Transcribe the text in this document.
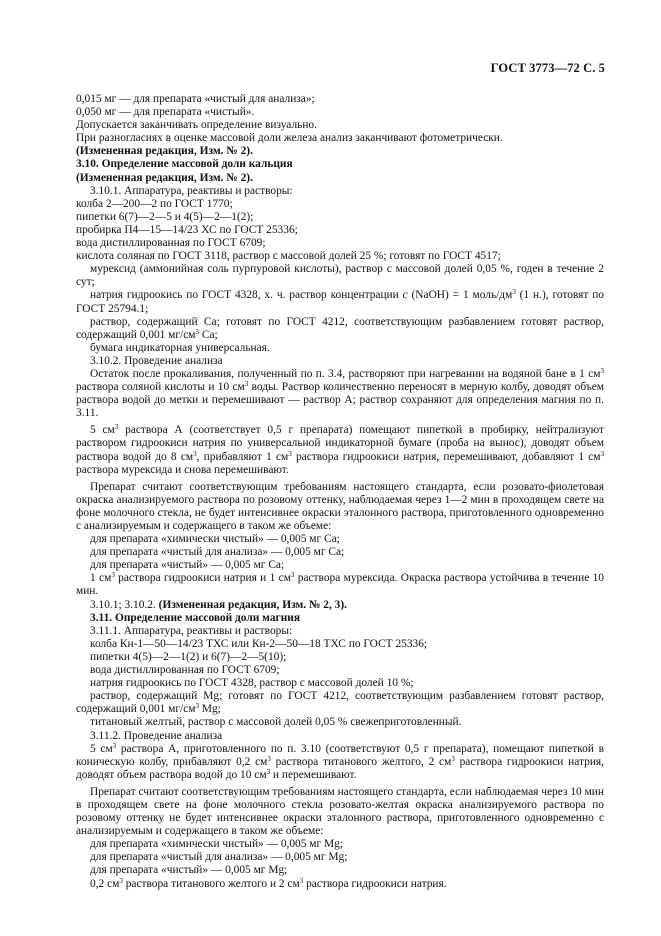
ГОСТ 3773—72 С. 5

0,015 мг — для препарата «чистый для анализа»;

0,050 мг — для препарата «чистый».

Допускается заканчивать определение визуально.

При разногласиях в оценке массовой доли железа анализ заканчивают фотометрически.

(Измененная редакция, Изм. № 2).

3.10. Определение массовой доли кальция

(Измененная редакция, Изм. № 2).

3.10.1. Аппаратура, реактивы и растворы:

колба 2—200—2 по ГОСТ 1770;

пипетки 6(7)—2—5 и 4(5)—2—1(2);

пробирка П4—15—14/23 ХС по ГОСТ 25336;

вода дистиллированная по ГОСТ 6709;

кислота соляная по ГОСТ 3118, раствор с массовой долей 25 %; готовят по ГОСТ 4517;

мурексид (аммонийная соль пурпуровой кислоты), раствор с массовой долей 0,05 %, годен в течение 2 сут;

натрия гидроокись по ГОСТ 4328, х. ч. раствор концентрации c (NaOH) = 1 моль/$дм^3$ (1 н.), готовят по ГОСТ 25794.1;

раствор, содержащий Са; готовят по ГОСТ 4212, соответствующим разбавлением готовят раствор, содержащий 0,001 $мг/см^3$ Са;

бумага индикаторная универсальная.

3.10.2. Проведение анализа

Остаток после прокаливания, полученный по п. 3.4, растворяют при нагревании на водяной бане в 1 $см^3$ раствора соляной кислоты и 10 $см^3$ воды. Раствор количественно переносят в мерную колбу, доводят объем раствора водой до метки и перемешивают — раствор А; раствор сохраняют для определения магния по п. 3.11.

5 $см^3$ раствора А (соответствует 0,5 г препарата) помещают пипеткой в пробирку, нейтрализуют раствором гидроокиси натрия по универсальной индикаторной бумаге (проба на вынос), доводят объем раствора водой до 8 $см^3$, прибавляют 1 $см^3$ раствора гидроокиси натрия, перемешивают, добавляют 1 $см^3$ раствора мурексида и снова перемешивают.

Препарат считают соответствующим требованиям настоящего стандарта, если розовато-фиолетовая окраска анализируемого раствора по розовому оттенку, наблюдаемая через 1—2 мин в проходящем свете на фоне молочного стекла, не будет интенсивнее окраски эталонного раствора, приготовленного одновременно с анализируемым и содержащего в таком же объеме:

для препарата «химически чистый» — 0,005 мг Са;

для препарата «чистый для анализа» — 0,005 мг Са;

для препарата «чистый» — 0,005 мг Са;

1 $см^3$ раствора гидроокиси натрия и 1 $см^3$ раствора мурексида. Окраска раствора устойчива в течение 10 мин.

3.10.1; 3.10.2. (Измененная редакция, Изм. № 2, 3).

3.11. Определение массовой доли магния

3.11.1. Аппаратура, реактивы и растворы:

колба Кн-1—50—14/23 ТХС или Кн-2—50—18 ТХС по ГОСТ 25336;

пипетки 4(5)—2—1(2) и 6(7)—2—5(10);

вода дистиллированная по ГОСТ 6709;

натрия гидроокись по ГОСТ 4328, раствор с массовой долей 10 %;

раствор, содержащий Mg; готовят по ГОСТ 4212, соответствующим разбавлением готовят раствор, содержащий 0,001 $мг/см^3$ Mg;

титановый желтый, раствор с массовой долей 0,05 % свежеприготовленный.

3.11.2. Проведение анализа

5 $см^3$ раствора А, приготовленного по п. 3.10 (соответствуют 0,5 г препарата), помещают пипеткой в коническую колбу, прибавляют 0,2 $см^3$ раствора титанового желтого, 2 $см^3$ раствора гидроокиси натрия, доводят объем раствора водой до 10 $см^3$ и перемешивают.

Препарат считают соответствующим требованиям настоящего стандарта, если наблюдаемая через 10 мин в проходящем свете на фоне молочного стекла розовато-желтая окраска анализируемого раствора по розовому оттенку не будет интенсивнее окраски эталонного раствора, приготовленного одновременно с анализируемым и содержащего в таком же объеме:

для препарата «химически чистый» — 0,005 мг Mg;

для препарата «чистый для анализа» — 0,005 мг Mg;

для препарата «чистый» — 0,005 мг Mg;

0,2 $см^3$ раствора титанового желтого и 2 $см^3$ раствора гидроокиси натрия.
